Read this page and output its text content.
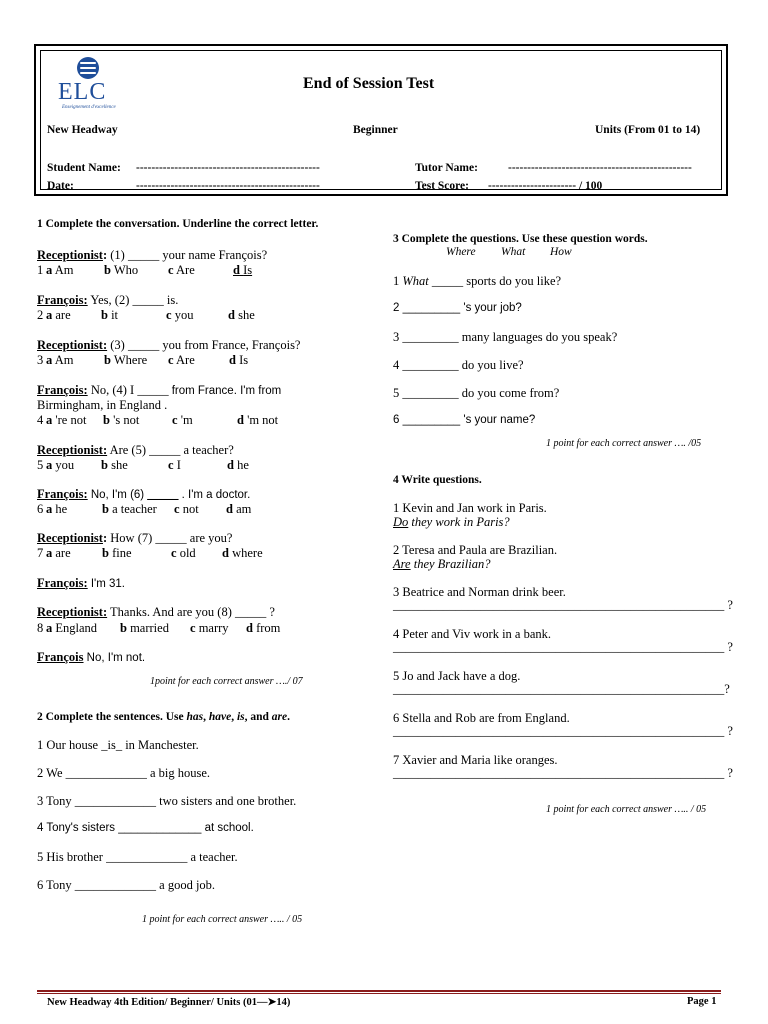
ELC
Enseignement d'excellence
End of Session Test
New Headway	Beginner	Units (From 01 to 14)
Student Name: ------------------------------------------------	Tutor Name:	------------------------------------------------
Date:	------------------------------------------------	Test Score: ----------------------- / 100
1 Complete the conversation. Underline the correct letter.
Receptionist: (1) _____ your name François?
1 a Am b Who c Are	d Is
François: Yes, (2) _____ is.
2 a are b it	c you	d she
Receptionist: (3) _____ you from France, François?
3 a Am b Where c Are	d Is
François: No, (4) I _____ from France. I'm from
Birmingham, in England .
4 a 're not b 's not	c 'm	d 'm not
Receptionist: Are (5) _____ a teacher?
5 a you b she	c I	d he
François: No, I'm (6) _____ . I'm a doctor.
6 a he	b a teacher c not d am
Receptionist: How (7) _____ are you?
7 a are	b fine	c old d where
François: I'm 31.
Receptionist: Thanks. And are you (8) _____ ?
8 a England b married c marry d from
François No, I'm not.
1point for each correct answer …./ 07
2 Complete the sentences. Use has, have, is, and are.
1 Our house _is_ in Manchester.
2 We _____________ a big house.
3 Tony _____________ two sisters and one brother.
4 Tony's sisters _____________ at school.
5 His brother _____________ a teacher.
6 Tony _____________ a good job.
1 point for each correct answer ….. / 05
3 Complete the questions. Use these question words.
Where What How
1 What _____ sports do you like?
2 _________ 's your job?
3 _________ many languages do you speak?
4 _________ do you live?
5 _________ do you come from?
6 _________ 's your name?
1 point for each correct answer …. /05
4 Write questions.
1 Kevin and Jan work in Paris.
Do they work in Paris?
2 Teresa and Paula are Brazilian.
Are they Brazilian?
3 Beatrice and Norman drink beer.
_____________________________________________________ ?
4 Peter and Viv work in a bank.
_____________________________________________________ ?
5 Jo and Jack have a dog.
_____________________________________________________?
6 Stella and Rob are from England.
_____________________________________________________ ?
7 Xavier and Maria like oranges.
_____________________________________________________ ?
1 point for each correct answer ….. / 05
New Headway 4th Edition/ Beginner/ Units (01—➤14)	Page 1
